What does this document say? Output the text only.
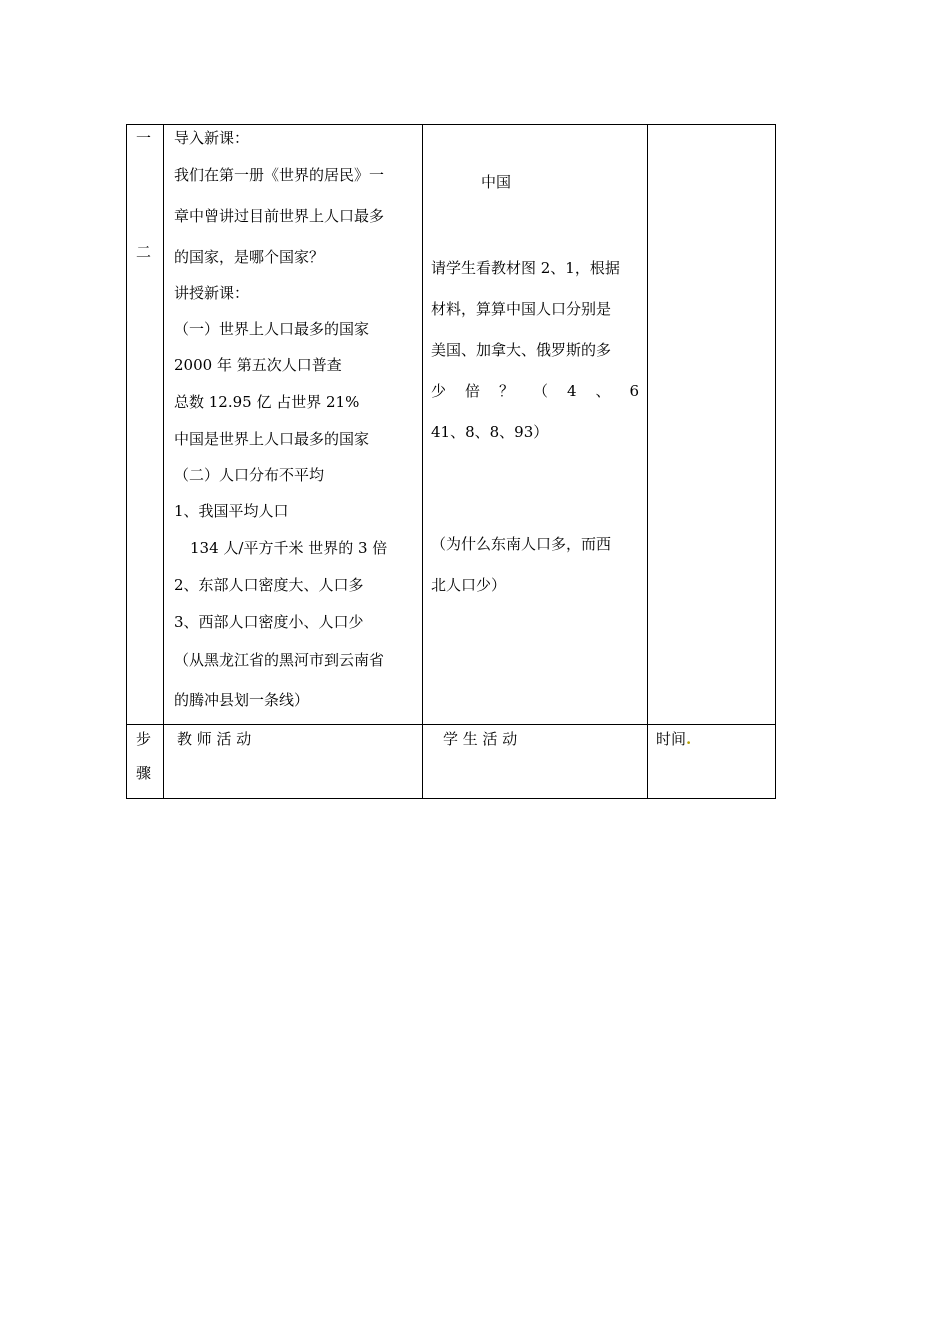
一
二
导入新课：
我们在第一册《世界的居民》一
章中曾讲过目前世界上人口最多
的国家，是哪个国家？
讲授新课：
（一）世界上人口最多的国家
2000 年 第五次人口普查
总数 12.95 亿 占世界 21%
中国是世界上人口最多的国家
（二）人口分布不平均
1、我国平均人口
134 人/平方千米 世界的 3 倍
2、东部人口密度大、人口多
3、西部人口密度小、人口少
（从黑龙江省的黑河市到云南省
的腾冲县划一条线）
中国
请学生看教材图 2、1，根据
材料，算算中国人口分别是
美国、加拿大、俄罗斯的多
少 倍 ？ （ 4 、 6
41、8、8、93）
（为什么东南人口多，而西
北人口少）
步
骤
教 师 活 动	学 生 活 动	时间.
